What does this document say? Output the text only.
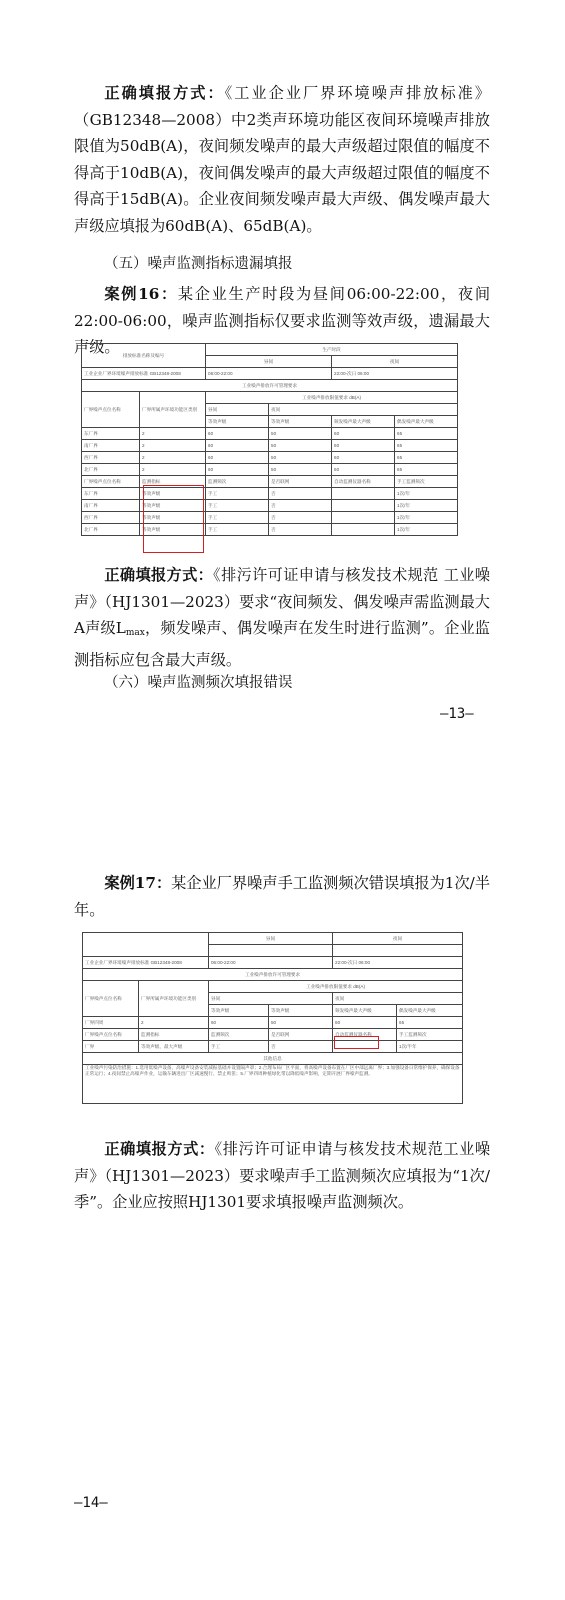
正确填报方式：《工业企业厂界环境噪声排放标准》（GB12348—2008）中2类声环境功能区夜间环境噪声排放限值为50dB(A)，夜间频发噪声的最大声级超过限值的幅度不得高于10dB(A)，夜间偶发噪声的最大声级超过限值的幅度不得高于15dB(A)。企业夜间频发噪声最大声级、偶发噪声最大声级应填报为60dB(A)、65dB(A)。

（五）噪声监测指标遗漏填报

案例16：某企业生产时段为昼间06:00-22:00，夜间22:00-06:00，噪声监测指标仅要求监测等效声级，遗漏最大声级。 排放标准名称及编号		生产时段			
		昼间		夜间	
工业企业厂界环境噪声排放标准 GB12348-2008		06:00-22:00		22:00-次日 06:00	
工业噪声排放许可管理要求					
厂界噪声点位名称	厂界所属声环境功能区类别	工业噪声排放限值要求 dB(A)			
		昼间	夜间		
		等效声级	等效声级	频发噪声最大声级	偶发噪声最大声级
东厂界	2	60	50	60	65
南厂界	2	60	50	60	65
西厂界	2	60	50	60	65
北厂界	2	60	50	60	65
厂界噪声点位名称	监测指标	监测频次	是否联网	自动监测仪器名称	手工监测频次
东厂界	等效声级	手工	否		1次/年
南厂界	等效声级	手工	否		1次/年
西厂界	等效声级	手工	否		1次/年
北厂界	等效声级	手工	否		1次/年

正确填报方式：《排污许可证申请与核发技术规范 工业噪声》（HJ1301—2023）要求“夜间频发、偶发噪声需监测最大A声级$L_{max}$，频发噪声、偶发噪声在发生时进行监测”。企业监测指标应包含最大声级。

（六）噪声监测频次填报错误
—13—

案例17：某企业厂界噪声手工监测频次错误填报为1次/半年。

		昼间		夜间	

工业企业厂界环境噪声排放标准 GB12348-2008		06:00-22:00		22:00-次日 06:00	
工业噪声排放许可管理要求					
厂界噪声点位名称	厂界所属声环境功能区类别	工业噪声排放限值要求 dB(A)			
		昼间		夜间	
		等效声级	等效声级	频发噪声最大声级	偶发噪声最大声级
厂界四周	2	60	50	60	65
厂界噪声点位名称	监测指标	监测频次	是否联网	自动监测仪器名称	手工监测频次
厂界	等效声级、最大声级	手工	否		1次/半年
其他信息					
工业噪声污染防治措施：1.选用低噪声设备，高噪声设备安装减振基础并设置隔声罩；2.合理布局厂区平面，将高噪声设备布置在厂区中部远离厂界；3.加强设备日常维护保养，确保设备正常运行；4.夜间禁止高噪声作业，运输车辆进出厂区减速慢行、禁止鸣笛；5.厂界四周种植绿化带以降低噪声影响，定期开展厂界噪声监测。					

正确填报方式：《排污许可证申请与核发技术规范工业噪声》（HJ1301—2023）要求噪声手工监测频次应填报为“1次/季”。企业应按照HJ1301要求填报噪声监测频次。

—14—
